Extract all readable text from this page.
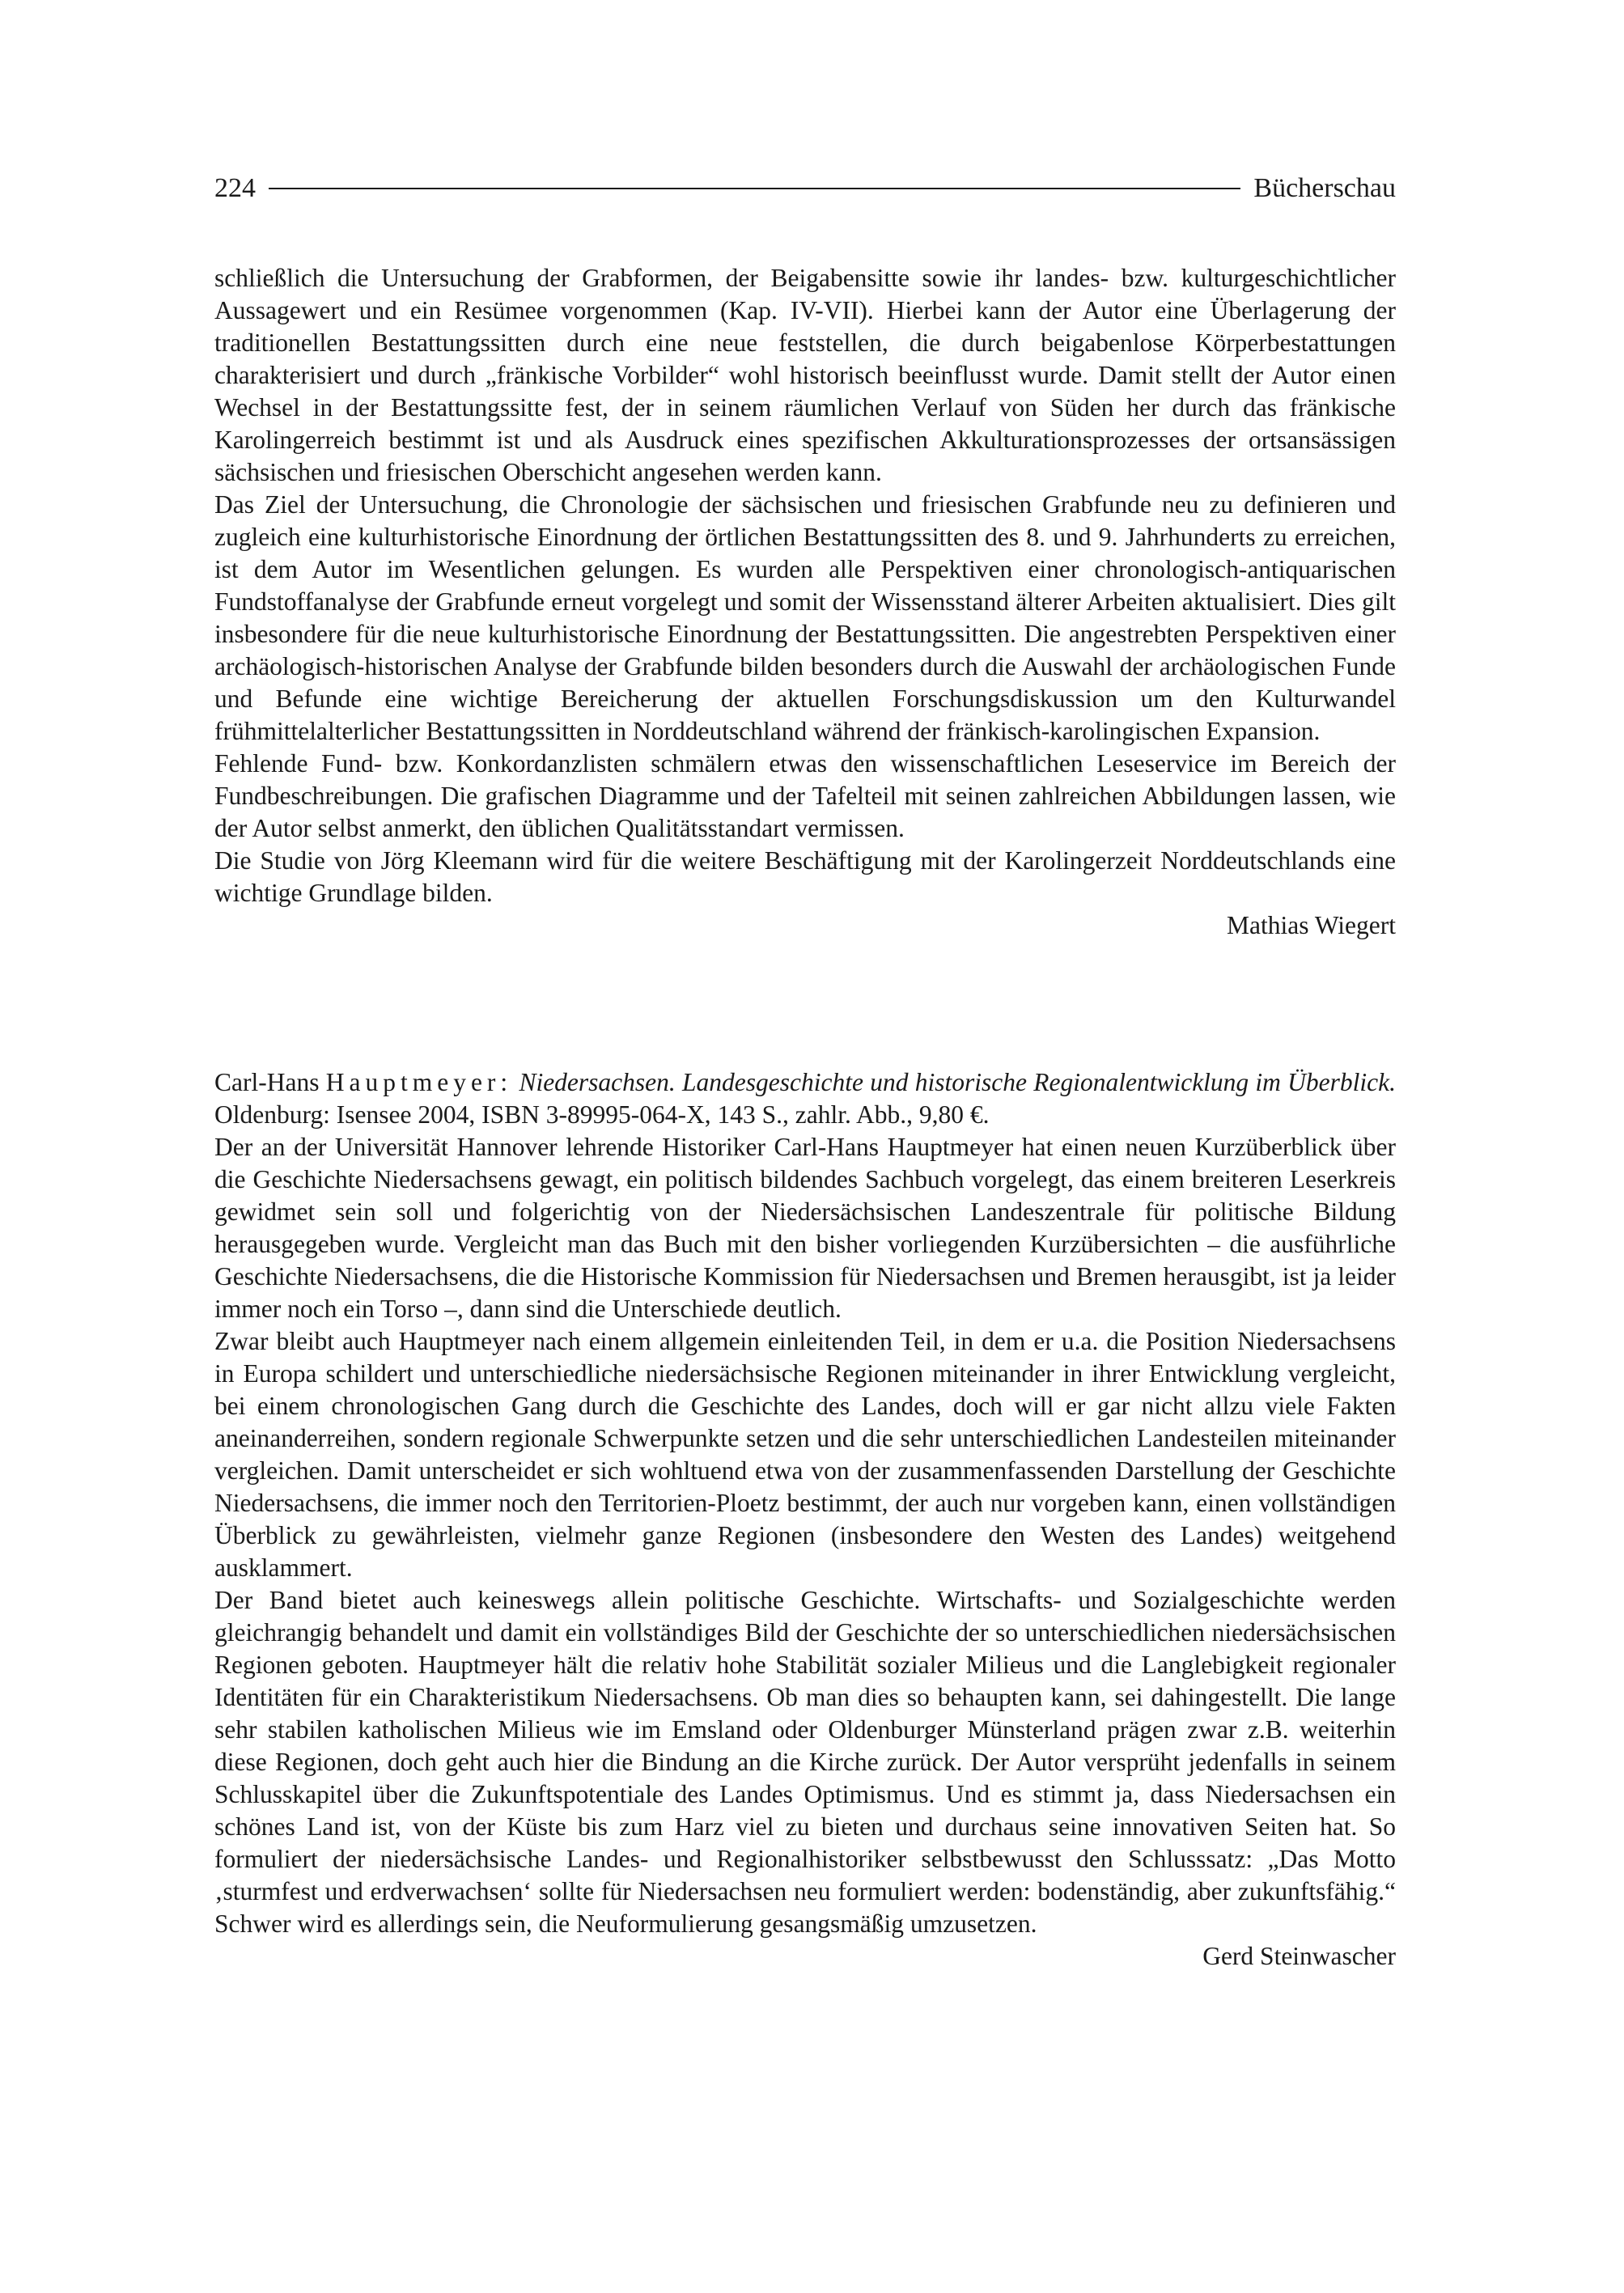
224	Bücherschau

schließlich die Untersuchung der Grabformen, der Beigabensitte sowie ihr landes- bzw. kulturgeschichtlicher Aussagewert und ein Resümee vorgenommen (Kap. IV-VII). Hierbei kann der Autor eine Überlagerung der traditionellen Bestattungssitten durch eine neue feststellen, die durch beigabenlose Körperbestattungen charakterisiert und durch „fränkische Vorbilder“ wohl historisch beeinflusst wurde. Damit stellt der Autor einen Wechsel in der Bestattungssitte fest, der in seinem räumlichen Verlauf von Süden her durch das fränkische Karolingerreich bestimmt ist und als Ausdruck eines spezifischen Akkulturationsprozesses der ortsansässigen sächsischen und friesischen Oberschicht angesehen werden kann.

Das Ziel der Untersuchung, die Chronologie der sächsischen und friesischen Grabfunde neu zu definieren und zugleich eine kulturhistorische Einordnung der örtlichen Bestattungssitten des 8. und 9. Jahrhunderts zu erreichen, ist dem Autor im Wesentlichen gelungen. Es wurden alle Perspektiven einer chronologisch-antiquarischen Fundstoffanalyse der Grabfunde erneut vorgelegt und somit der Wissensstand älterer Arbeiten aktualisiert. Dies gilt insbesondere für die neue kulturhistorische Einordnung der Bestattungssitten. Die angestrebten Perspektiven einer archäologisch-historischen Analyse der Grabfunde bilden besonders durch die Auswahl der archäologischen Funde und Befunde eine wichtige Bereicherung der aktuellen Forschungsdiskussion um den Kulturwandel frühmittelalterlicher Bestattungssitten in Norddeutschland während der fränkisch-karolingischen Expansion.

Fehlende Fund- bzw. Konkordanzlisten schmälern etwas den wissenschaftlichen Leseservice im Bereich der Fundbeschreibungen. Die grafischen Diagramme und der Tafelteil mit seinen zahlreichen Abbildungen lassen, wie der Autor selbst anmerkt, den üblichen Qualitätsstandart vermissen.

Die Studie von Jörg Kleemann wird für die weitere Beschäftigung mit der Karolingerzeit Norddeutschlands eine wichtige Grundlage bilden.

Mathias Wiegert

Carl-Hans Hauptmeyer: Niedersachsen. Landesgeschichte und historische Regionalentwicklung im Überblick. Oldenburg: Isensee 2004, ISBN 3-89995-064-X, 143 S., zahlr. Abb., 9,80 €.

Der an der Universität Hannover lehrende Historiker Carl-Hans Hauptmeyer hat einen neuen Kurzüberblick über die Geschichte Niedersachsens gewagt, ein politisch bildendes Sachbuch vorgelegt, das einem breiteren Leserkreis gewidmet sein soll und folgerichtig von der Niedersächsischen Landeszentrale für politische Bildung herausgegeben wurde. Vergleicht man das Buch mit den bisher vorliegenden Kurzübersichten – die ausführliche Geschichte Niedersachsens, die die Historische Kommission für Niedersachsen und Bremen herausgibt, ist ja leider immer noch ein Torso –, dann sind die Unterschiede deutlich.

Zwar bleibt auch Hauptmeyer nach einem allgemein einleitenden Teil, in dem er u.a. die Position Niedersachsens in Europa schildert und unterschiedliche niedersächsische Regionen miteinander in ihrer Entwicklung vergleicht, bei einem chronologischen Gang durch die Geschichte des Landes, doch will er gar nicht allzu viele Fakten aneinanderreihen, sondern regionale Schwerpunkte setzen und die sehr unterschiedlichen Landesteilen miteinander vergleichen. Damit unterscheidet er sich wohltuend etwa von der zusammenfassenden Darstellung der Geschichte Niedersachsens, die immer noch den Territorien-Ploetz bestimmt, der auch nur vorgeben kann, einen vollständigen Überblick zu gewährleisten, vielmehr ganze Regionen (insbesondere den Westen des Landes) weitgehend ausklammert.

Der Band bietet auch keineswegs allein politische Geschichte. Wirtschafts- und Sozialgeschichte werden gleichrangig behandelt und damit ein vollständiges Bild der Geschichte der so unterschiedlichen niedersächsischen Regionen geboten. Hauptmeyer hält die relativ hohe Stabilität sozialer Milieus und die Langlebigkeit regionaler Identitäten für ein Charakteristikum Niedersachsens. Ob man dies so behaupten kann, sei dahingestellt. Die lange sehr stabilen katholischen Milieus wie im Emsland oder Oldenburger Münsterland prägen zwar z.B. weiterhin diese Regionen, doch geht auch hier die Bindung an die Kirche zurück. Der Autor versprüht jedenfalls in seinem Schlusskapitel über die Zukunftspotentiale des Landes Optimismus. Und es stimmt ja, dass Niedersachsen ein schönes Land ist, von der Küste bis zum Harz viel zu bieten und durchaus seine innovativen Seiten hat. So formuliert der niedersächsische Landes- und Regionalhistoriker selbstbewusst den Schlusssatz: „Das Motto ‚sturmfest und erdverwachsen‘ sollte für Niedersachsen neu formuliert werden: bodenständig, aber zukunftsfähig.“ Schwer wird es allerdings sein, die Neuformulierung gesangsmäßig umzusetzen.

Gerd Steinwascher
